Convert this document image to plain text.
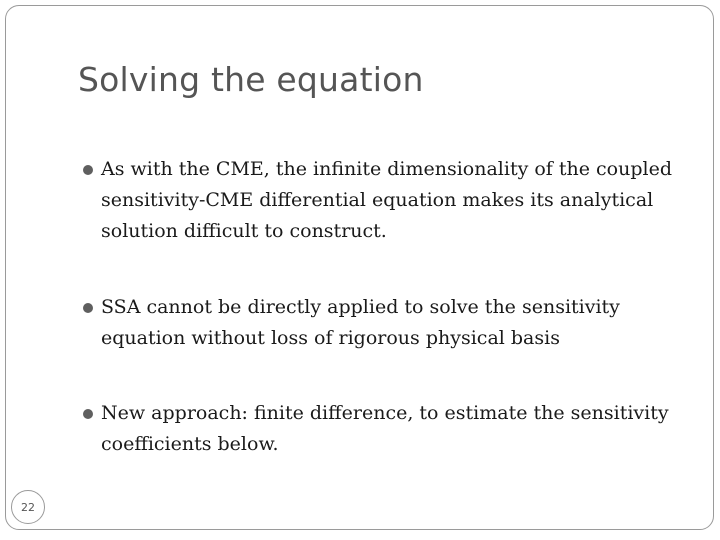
Solving the equation
As with the CME, the infinite dimensionality of the coupled sensitivity-CME differential equation makes its analytical solution difficult to construct.
SSA cannot be directly applied to solve the sensitivity equation without loss of rigorous physical basis
New approach: finite difference, to estimate the sensitivity coefficients below.
22
